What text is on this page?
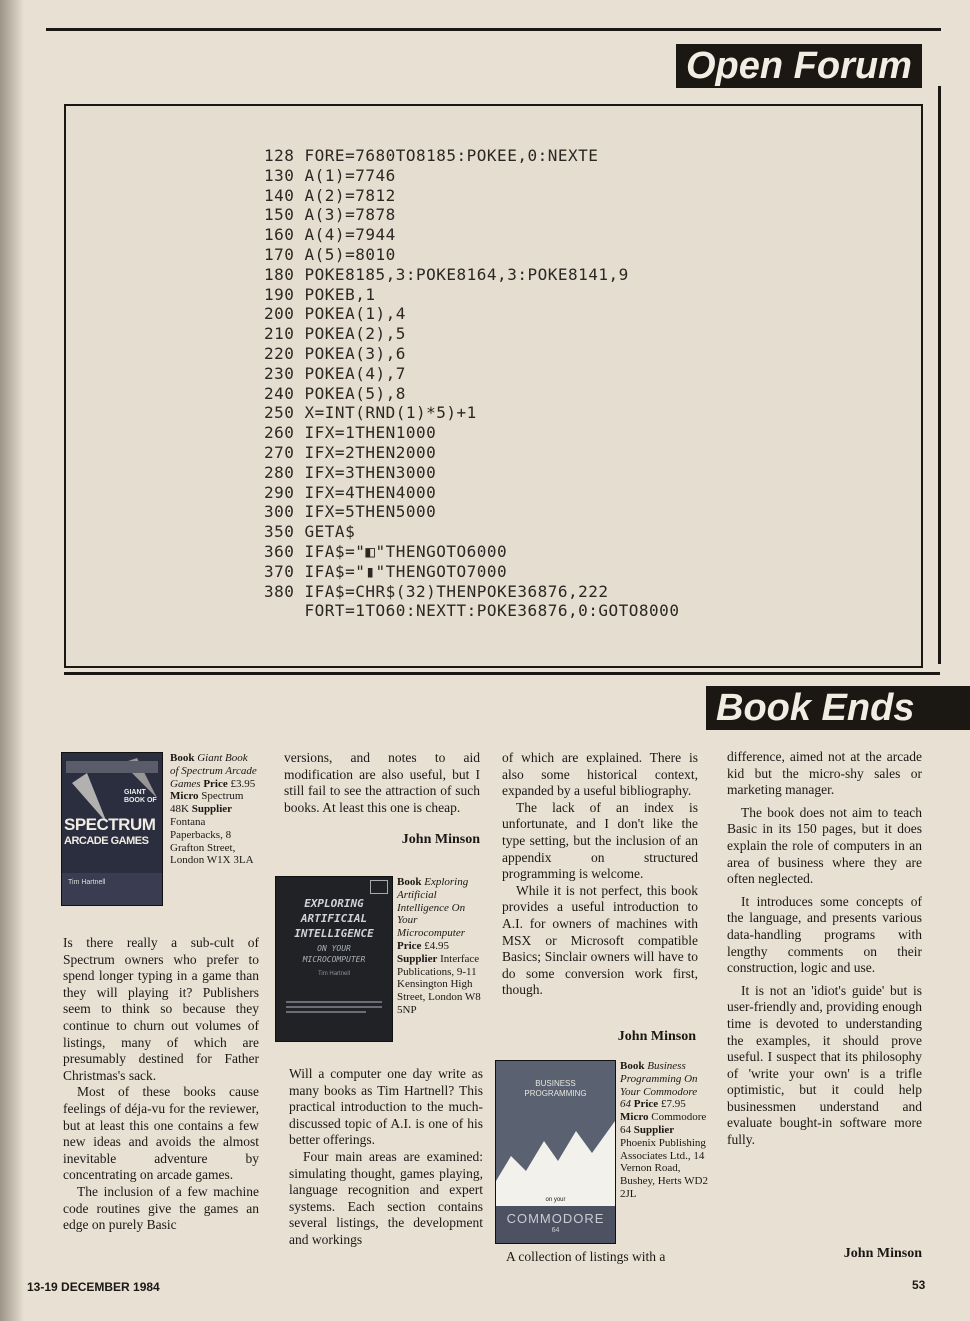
Open Forum
128 FORE=7680TO8185:POKEE,0:NEXTE
130 A(1)=7746
140 A(2)=7812
150 A(3)=7878
160 A(4)=7944
170 A(5)=8010
180 POKE8185,3:POKE8164,3:POKE8141,9
190 POKEB,1
200 POKEA(1),4
210 POKEA(2),5
220 POKEA(3),6
230 POKEA(4),7
240 POKEA(5),8
250 X=INT(RND(1)*5)+1
260 IFX=1THEN1000
270 IFX=2THEN2000
280 IFX=3THEN3000
290 IFX=4THEN4000
300 IFX=5THEN5000
350 GETA$
360 IFA$="◧"THENGOTO6000
370 IFA$="▮"THENGOTO7000
380 IFA$=CHR$(32)THENPOKE36876,222
FORT=1TO60:NEXTT:POKE36876,0:GOTO8000
Book Ends
GIANT BOOK OF
SPECTRUM
ARCADE GAMES
Tim Hartnell
Book Giant Book of Spectrum Arcade Games Price £3.95 Micro Spectrum 48K Supplier Fontana Paperbacks, 8 Grafton Street, London W1X 3LA

Is there really a sub-cult of Spectrum owners who prefer to spend longer typing in a game than they will playing it? Publishers seem to think so because they continue to churn out volumes of listings, many of which are presumably destined for Father Christmas's sack.

Most of these books cause feelings of déja-vu for the reviewer, but at least this one contains a few new ideas and avoids the almost inevitable adventure by concentrating on arcade games.

The inclusion of a few machine code routines give the games an edge on purely Basic

versions, and notes to aid modification are also useful, but I still fail to see the attraction of such books. At least this one is cheap.

John Minson
EXPLORING
ARTIFICIAL
INTELLIGENCE
ON YOUR
MICROCOMPUTER
Tim Hartnell
Book Exploring Artificial Intelligence On Your Microcomputer Price £4.95 Supplier Interface Publications, 9-11 Kensington High Street, London W8 5NP

Will a computer one day write as many books as Tim Hartnell? This practical introduction to the much-discussed topic of A.I. is one of his better offerings.

Four main areas are examined: simulating thought, games playing, language recognition and expert systems. Each section contains several listings, the development and workings

of which are explained. There is also some historical context, expanded by a useful bibliography.

The lack of an index is unfortunate, and I don't like the type setting, but the inclusion of an appendix on structured programming is welcome.

While it is not perfect, this book provides a useful introduction to A.I. for owners of machines with MSX or Microsoft compatible Basics; Sinclair owners will have to do some conversion work first, though.

John Minson
BUSINESS
PROGRAMMING
on your
COMMODORE
64
Book Business Programming On Your Commodore 64 Price £7.95 Micro Commodore 64 Supplier Phoenix Publishing Associates Ltd., 14 Vernon Road, Bushey, Herts WD2 2JL

A collection of listings with a

difference, aimed not at the arcade kid but the micro-shy sales or marketing manager.

The book does not aim to teach Basic in its 150 pages, but it does explain the role of computers in an area of business where they are often neglected.

It introduces some concepts of the language, and presents various data-handling programs with lengthy comments on their construction, logic and use.

It is not an 'idiot's guide' but is user-friendly and, providing enough time is devoted to understanding the examples, it should prove useful. I suspect that its philosophy of 'write your own' is a trifle optimistic, but it could help businessmen understand and evaluate bought-in software more fully.

John Minson
13-19 DECEMBER 1984	53
